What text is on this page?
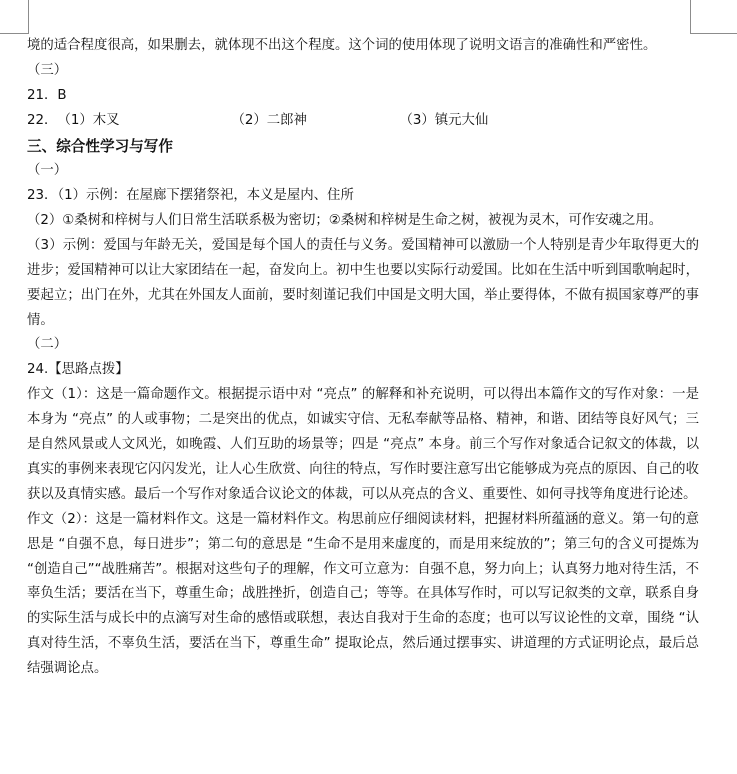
境的适合程度很高，如果删去，就体现不出这个程度。这个词的使用体现了说明文语言的准确性和严密性。
（三）
21．B
22．（1）木叉	（2）二郎神	（3）镇元大仙
三、综合性学习与写作
（一）
23．（1）示例：在屋廊下摆猪祭祀，本义是屋内、住所
（2）①桑树和梓树与人们日常生活联系极为密切；②桑树和梓树是生命之树，被视为灵木，可作安魂之用。
（3）示例：爱国与年龄无关，爱国是每个国人的责任与义务。爱国精神可以激励一个人特别是青少年取得更大的进步；爱国精神可以让大家团结在一起，奋发向上。初中生也要以实际行动爱国。比如在生活中听到国歌响起时，要起立；出门在外，尤其在外国友人面前，要时刻谨记我们中国是文明大国，举止要得体，不做有损国家尊严的事情。
（二）
24.【思路点拨】
作文（1）：这是一篇命题作文。根据提示语中对 “亮点” 的解释和补充说明，可以得出本篇作文的写作对象：一是本身为 “亮点” 的人或事物；二是突出的优点，如诚实守信、无私奉献等品格、精神，和谐、团结等良好风气；三是自然风景或人文风光，如晚霞、人们互助的场景等；四是 “亮点” 本身。前三个写作对象适合记叙文的体裁，以真实的事例来表现它闪闪发光，让人心生欣赏、向往的特点，写作时要注意写出它能够成为亮点的原因、自己的收获以及真情实感。最后一个写作对象适合议论文的体裁，可以从亮点的含义、重要性、如何寻找等角度进行论述。
作文（2）：这是一篇材料作文。这是一篇材料作文。构思前应仔细阅读材料，把握材料所蕴涵的意义。第一句的意思是 “自强不息，每日进步”；第二句的意思是 “生命不是用来虚度的，而是用来绽放的”；第三句的含义可提炼为 “创造自己”“战胜痛苦”。根据对这些句子的理解，作文可立意为：自强不息，努力向上；认真努力地对待生活，不辜负生活；要活在当下，尊重生命；战胜挫折，创造自己；等等。在具体写作时，可以写记叙类的文章，联系自身的实际生活与成长中的点滴写对生命的感悟或联想，表达自我对于生命的态度；也可以写议论性的文章，围绕 “认真对待生活，不辜负生活，要活在当下，尊重生命” 提取论点，然后通过摆事实、讲道理的方式证明论点，最后总结强调论点。
